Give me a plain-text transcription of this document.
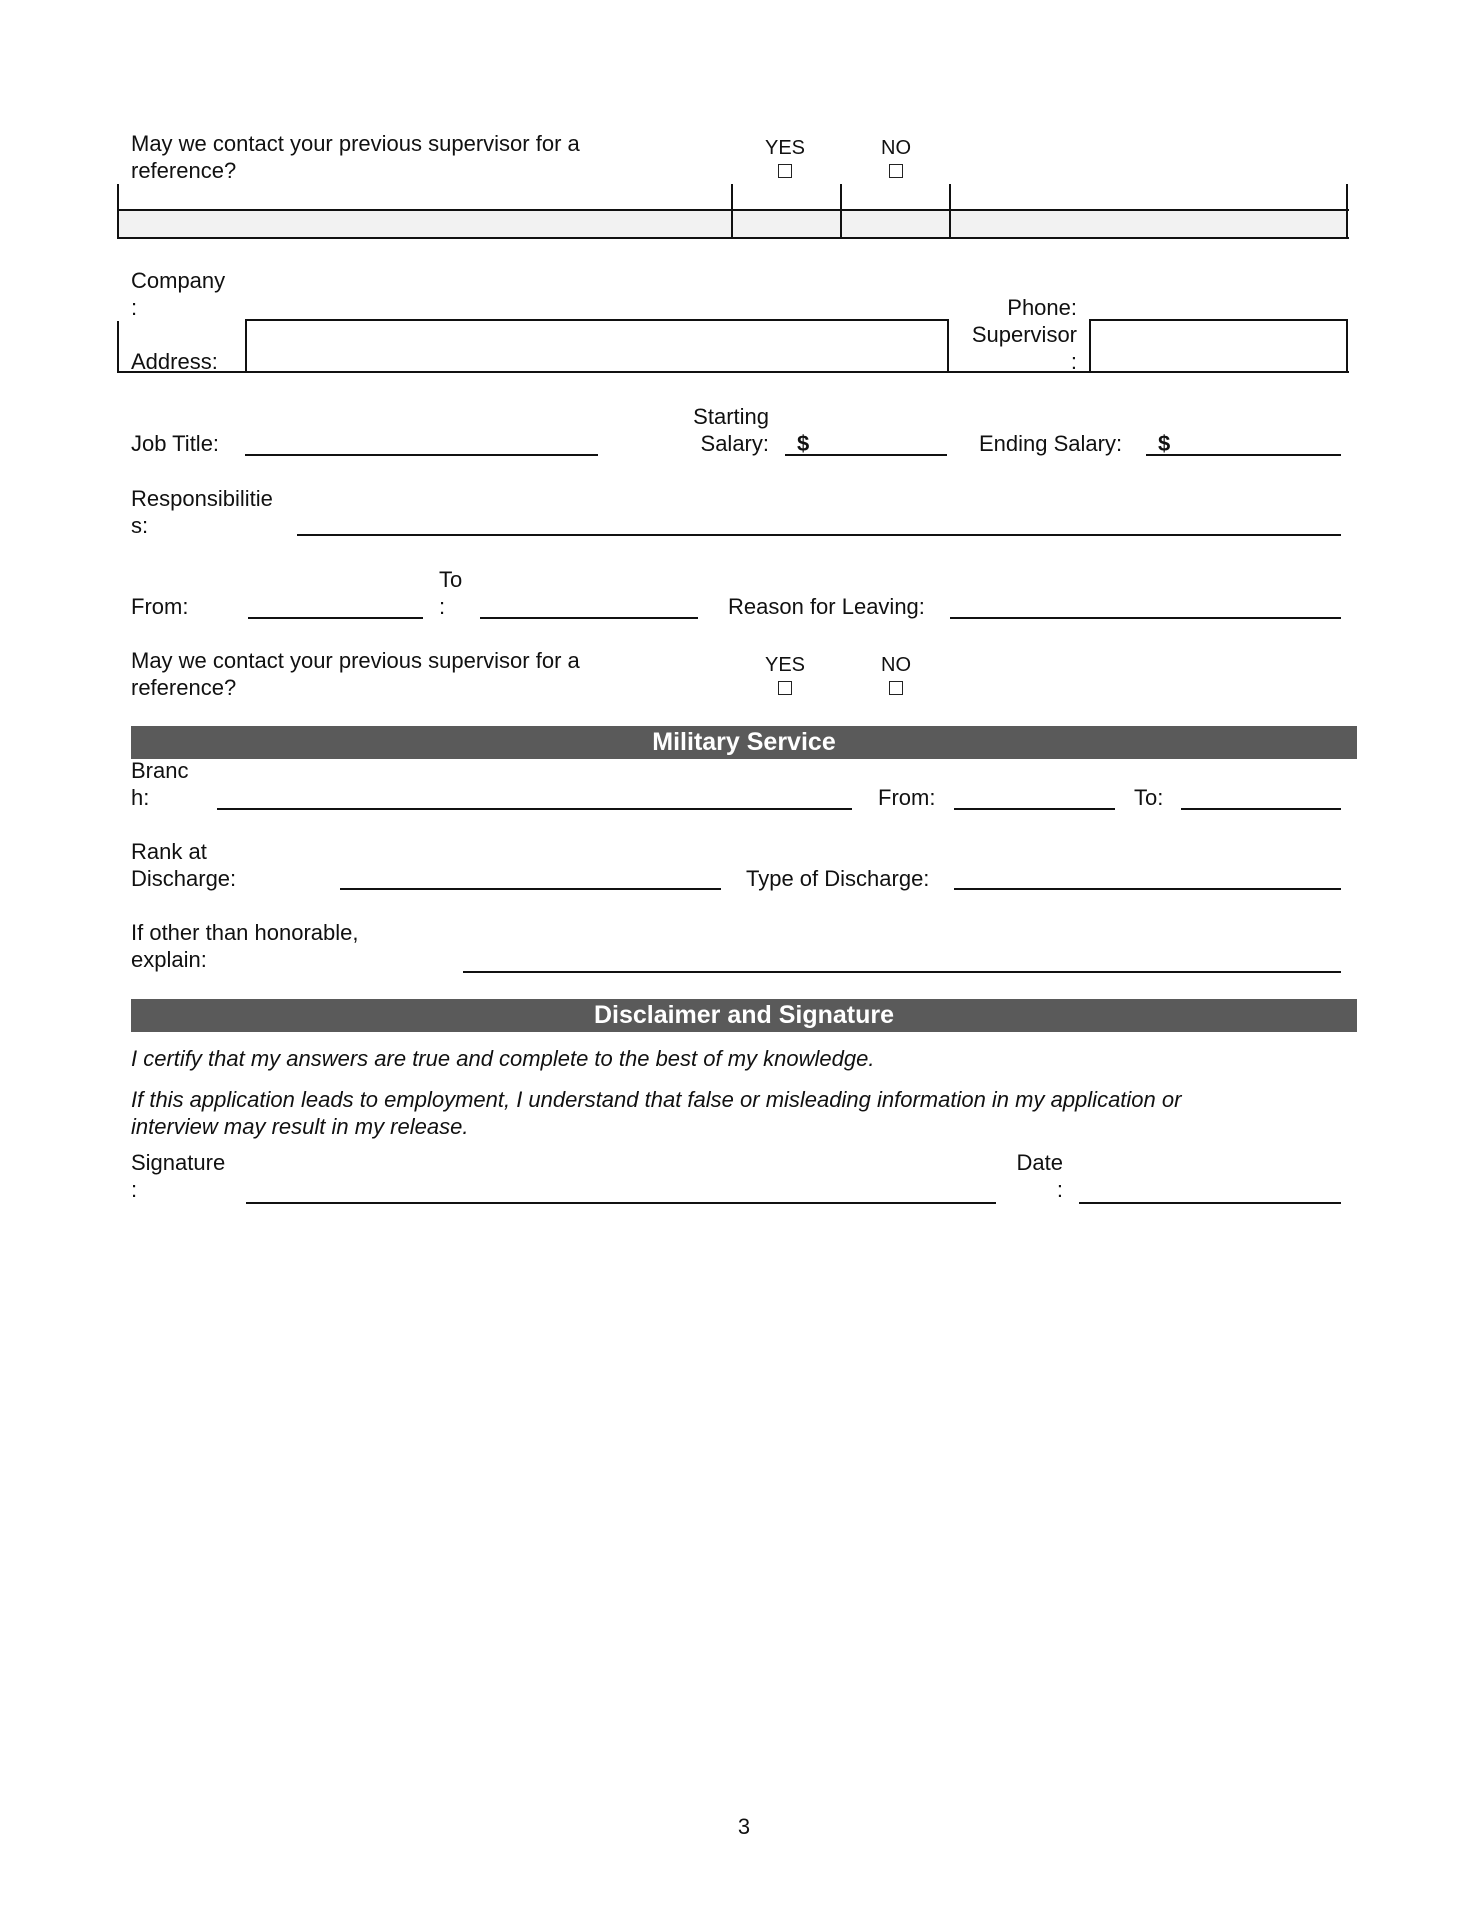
May we contact your previous supervisor for a
reference?
YES	NO
Company
:
Address:
Phone:
Supervisor
:
Job Title:
Starting
Salary: $	Ending Salary: $
Responsibilitie
s:
From:
To
:	Reason for Leaving:
May we contact your previous supervisor for a
reference?
YES	NO
Military Service
Branc
h:	From:	To:
Rank at
Discharge:	Type of Discharge:
If other than honorable,
explain:
Disclaimer and Signature
I certify that my answers are true and complete to the best of my knowledge.
If this application leads to employment, I understand that false or misleading information in my application or
interview may result in my release.
Signature
:
Date
:
3
